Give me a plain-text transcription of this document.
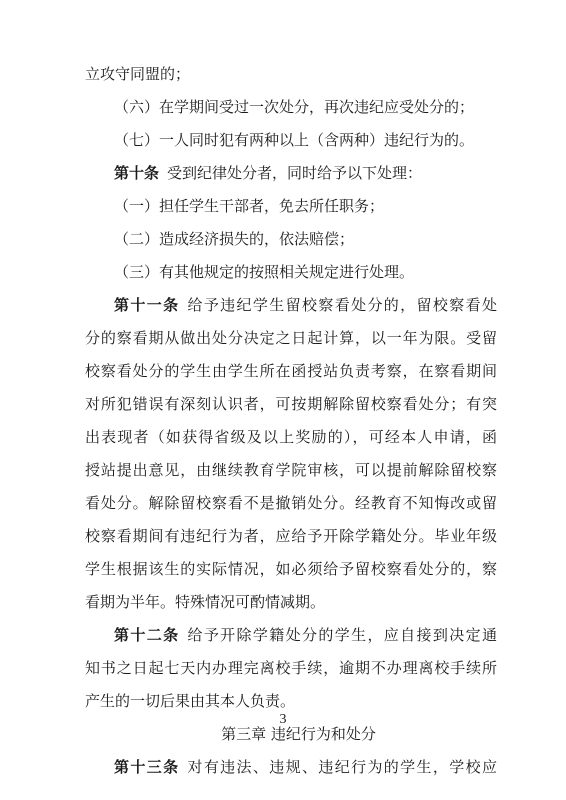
立攻守同盟的；
（六）在学期间受过一次处分，再次违纪应受处分的；
（七）一人同时犯有两种以上（含两种）违纪行为的。
第十条 受到纪律处分者，同时给予以下处理：
（一）担任学生干部者，免去所任职务；
（二）造成经济损失的，依法赔偿；
（三）有其他规定的按照相关规定进行处理。
第十一条 给予违纪学生留校察看处分的，留校察看处
分的察看期从做出处分决定之日起计算，以一年为限。受留
校察看处分的学生由学生所在函授站负责考察，在察看期间
对所犯错误有深刻认识者，可按期解除留校察看处分；有突
出表现者（如获得省级及以上奖励的），可经本人申请，函
授站提出意见，由继续教育学院审核，可以提前解除留校察
看处分。解除留校察看不是撤销处分。经教育不知悔改或留
校察看期间有违纪行为者，应给予开除学籍处分。毕业年级
学生根据该生的实际情况，如必须给予留校察看处分的，察
看期为半年。特殊情况可酌情减期。
第十二条 给予开除学籍处分的学生，应自接到决定通
知书之日起七天内办理完离校手续，逾期不办理离校手续所
产生的一切后果由其本人负责。
第三章 违纪行为和处分
第十三条 对有违法、违规、违纪行为的学生，学校应
3
